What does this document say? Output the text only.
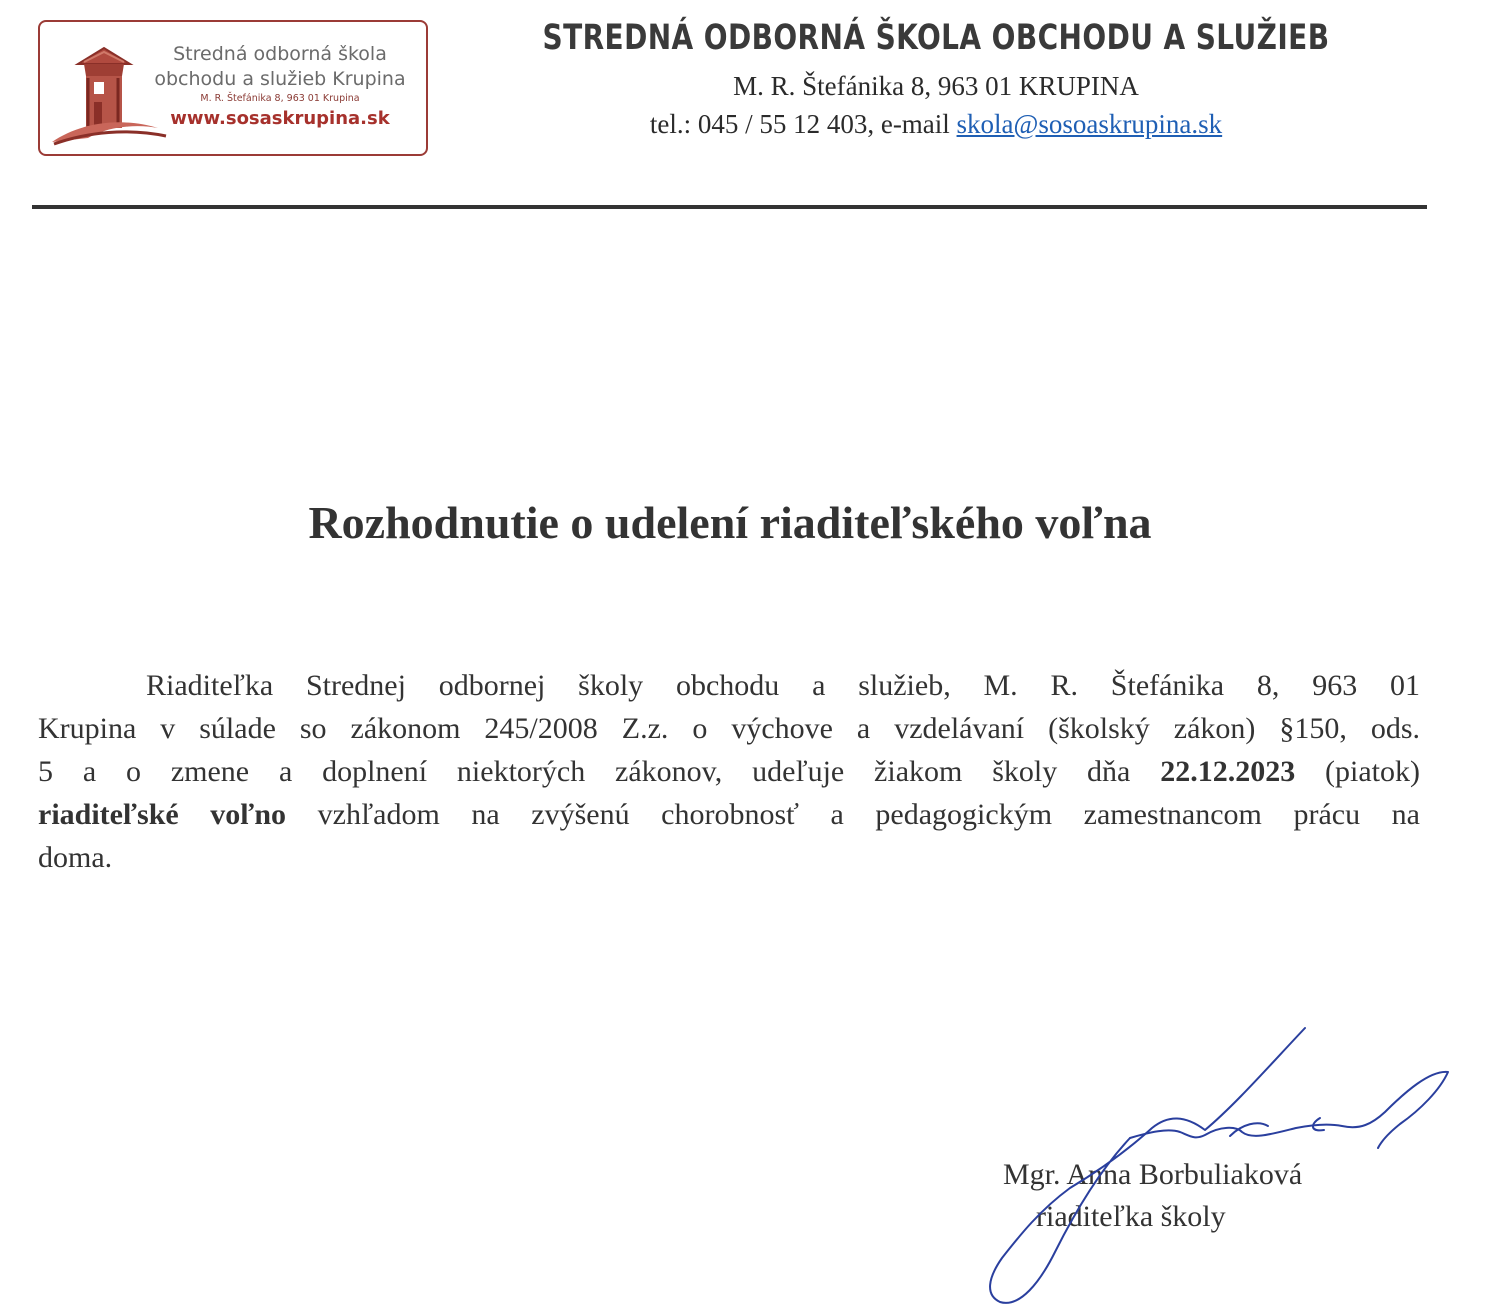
Stredná odborná škola
obchodu a služieb Krupina
M. R. Štefánika 8, 963 01 Krupina
www.sosaskrupina.sk
STREDNÁ ODBORNÁ ŠKOLA OBCHODU A SLUŽIEB
M. R. Štefánika 8, 963 01 KRUPINA
tel.: 045 / 55 12 403, e-mail skola@sosoaskrupina.sk
Rozhodnutie o udelení riaditeľského voľna
Riaditeľka Strednej odbornej školy obchodu a služieb, M. R. Štefánika 8, 963 01
Krupina v súlade so zákonom 245/2008 Z.z. o výchove a vzdelávaní (školský zákon) §150, ods.
5 a o zmene a doplnení niektorých zákonov, udeľuje žiakom školy dňa 22.12.2023 (piatok)
riaditeľské voľno vzhľadom na zvýšenú chorobnosť a pedagogickým zamestnancom prácu na
doma.
Mgr. Anna Borbuliaková
riaditeľka školy
